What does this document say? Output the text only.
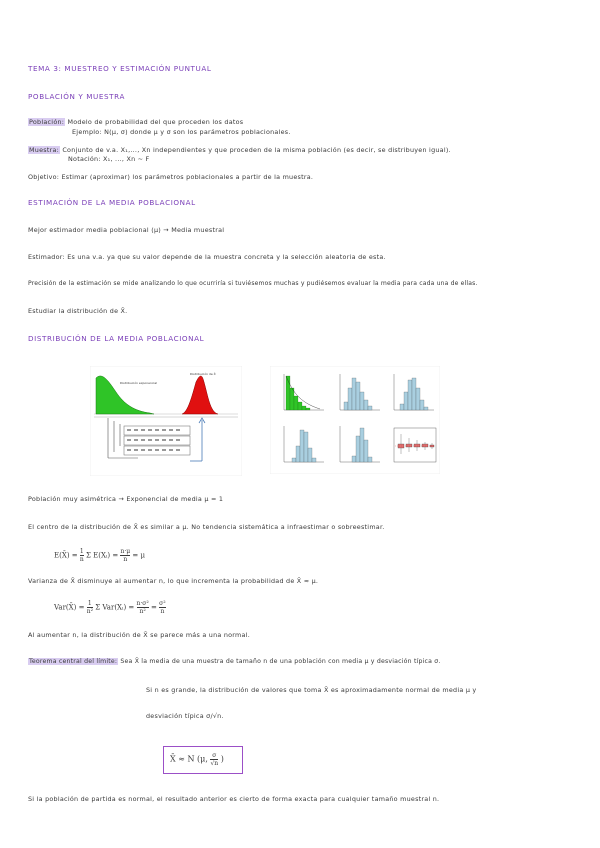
TEMA 3: MUESTREO Y ESTIMACIÓN PUNTUAL
POBLACIÓN Y MUESTRA
Población: Modelo de probabilidad del que proceden los datos
Ejemplo: N(μ, σ) donde μ y σ son los parámetros poblacionales.
Muestra: Conjunto de v.a. X₁,..., Xn independientes y que proceden de la misma población (es decir, se distribuyen igual).
Notación: X₁, ..., Xn ~ F
Objetivo: Estimar (aproximar) los parámetros poblacionales a partir de la muestra.
ESTIMACIÓN DE LA MEDIA POBLACIONAL
Mejor estimador media poblacional (μ) → Media muestral
Estimador: Es una v.a. ya que su valor depende de la muestra concreta y la selección aleatoria de esta.
Precisión de la estimación se mide analizando lo que ocurriría si tuviésemos muchas y pudiésemos evaluar la media para cada una de ellas.
Estudiar la distribución de X̄.
DISTRIBUCIÓN DE LA MEDIA POBLACIONAL
Distribución exponencial
Distribución de X̄
Población muy asimétrica → Exponencial de media μ = 1
El centro de la distribución de X̄ es similar a μ. No tendencia sistemática a infraestimar o sobreestimar.
E(X̄) = $\frac{1}{n}$ Σ E(Xᵢ) = $\frac{n\cdot\mu}{n} = \mu$
Varianza de X̄ disminuye al aumentar n, lo que incrementa la probabilidad de X̄ ≈ μ.
Var(X̄) = $\frac{1}{\text{n²}}$ Σ Var(Xᵢ) = $\frac{\text{n·σ²}}{\text{n²}} = \frac{\text{σ²}}{n}$
Al aumentar n, la distribución de X̄ se parece más a una normal.
Teorema central del límite: Sea X̄ la media de una muestra de tamaño n de una población con media μ y desviación típica σ.
Si n es grande, la distribución de valores que toma X̄ es aproximadamente normal de media μ y
desviación típica σ/√n.
X̄ ≈ N (μ, $\frac{\sigma}{√n}$ )
Si la población de partida es normal, el resultado anterior es cierto de forma exacta para cualquier tamaño muestral n.
